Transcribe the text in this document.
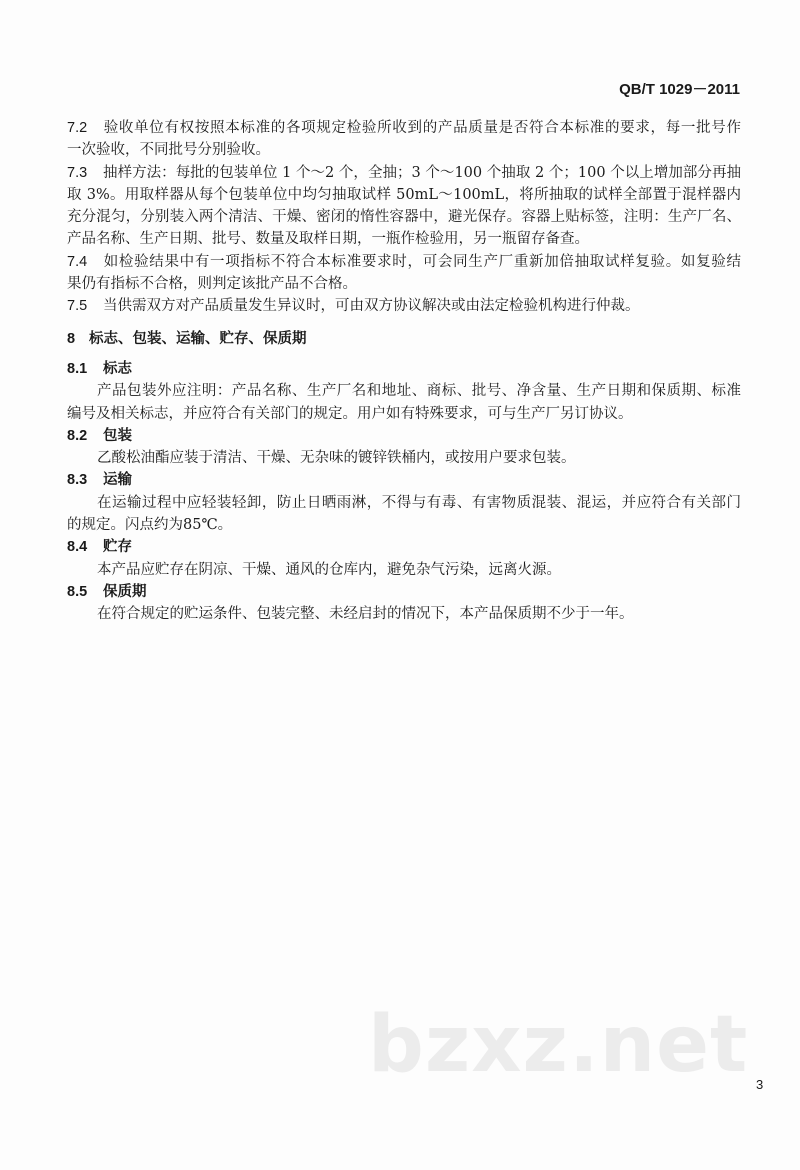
QB/T 1029－2011
7.2 验收单位有权按照本标准的各项规定检验所收到的产品质量是否符合本标准的要求，每一批号作
一次验收，不同批号分别验收。
7.3 抽样方法：每批的包装单位 1 个～2 个，全抽；3 个～100 个抽取 2 个；100 个以上增加部分再抽
取 3%。用取样器从每个包装单位中均匀抽取试样 50mL～100mL，将所抽取的试样全部置于混样器内
充分混匀，分别装入两个清洁、干燥、密闭的惰性容器中，避光保存。容器上贴标签，注明：生产厂名、
产品名称、生产日期、批号、数量及取样日期，一瓶作检验用，另一瓶留存备查。
7.4 如检验结果中有一项指标不符合本标准要求时，可会同生产厂重新加倍抽取试样复验。如复验结
果仍有指标不合格，则判定该批产品不合格。
7.5 当供需双方对产品质量发生异议时，可由双方协议解决或由法定检验机构进行仲裁。
8 标志、包装、运输、贮存、保质期
8.1 标志
产品包装外应注明：产品名称、生产厂名和地址、商标、批号、净含量、生产日期和保质期、标准
编号及相关标志，并应符合有关部门的规定。用户如有特殊要求，可与生产厂另订协议。
8.2 包装
乙酸松油酯应装于清洁、干燥、无杂味的镀锌铁桶内，或按用户要求包装。
8.3 运输
在运输过程中应轻装轻卸，防止日晒雨淋，不得与有毒、有害物质混装、混运，并应符合有关部门
的规定。闪点约为85℃。
8.4 贮存
本产品应贮存在阴凉、干燥、通风的仓库内，避免杂气污染，远离火源。
8.5 保质期
在符合规定的贮运条件、包装完整、未经启封的情况下，本产品保质期不少于一年。
bzxz.net 3
